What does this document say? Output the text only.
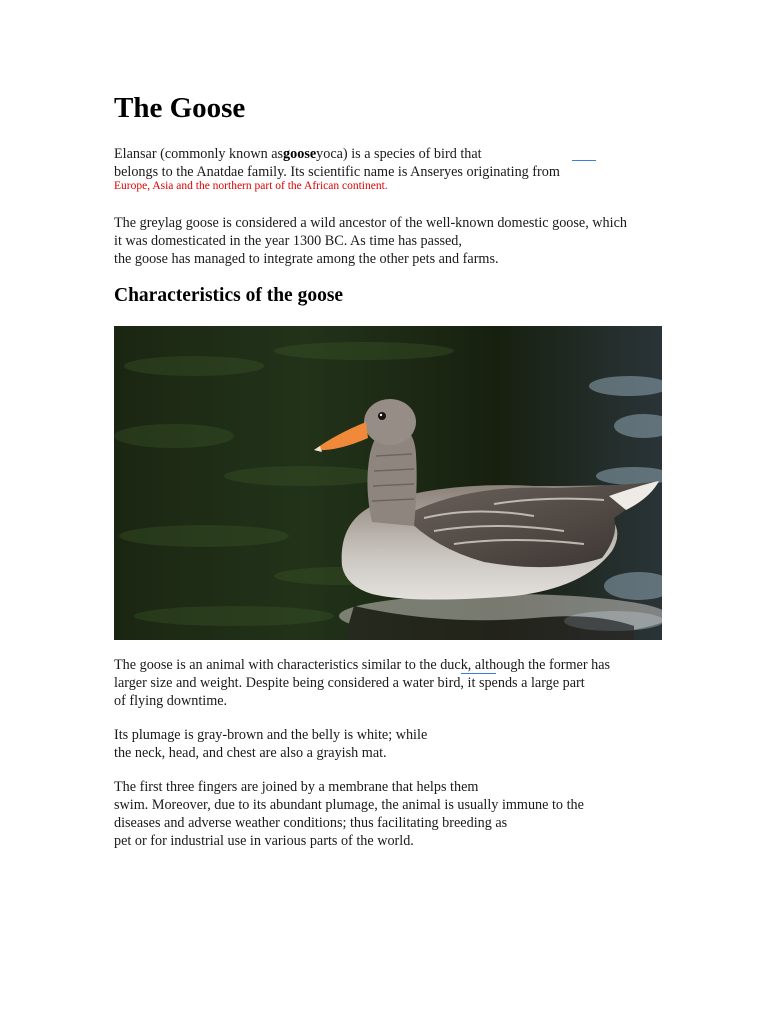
The Goose

Elansar (commonly known asgooseyoca) is a species of bird that
belongs to the Anatdae family. Its scientific name is Anseryes originating from

Europe, Asia and the northern part of the African continent.

The greylag goose is considered a wild ancestor of the well-known domestic goose, which
it was domesticated in the year 1300 BC. As time has passed,
the goose has managed to integrate among the other pets and farms.

Characteristics of the goose

The goose is an animal with characteristics similar to the duck, although the former has
larger size and weight. Despite being considered a water bird, it spends a large part
of flying downtime.

Its plumage is gray-brown and the belly is white; while
the neck, head, and chest are also a grayish mat.

The first three fingers are joined by a membrane that helps them
swim. Moreover, due to its abundant plumage, the animal is usually immune to the
diseases and adverse weather conditions; thus facilitating breeding as
pet or for industrial use in various parts of the world.
